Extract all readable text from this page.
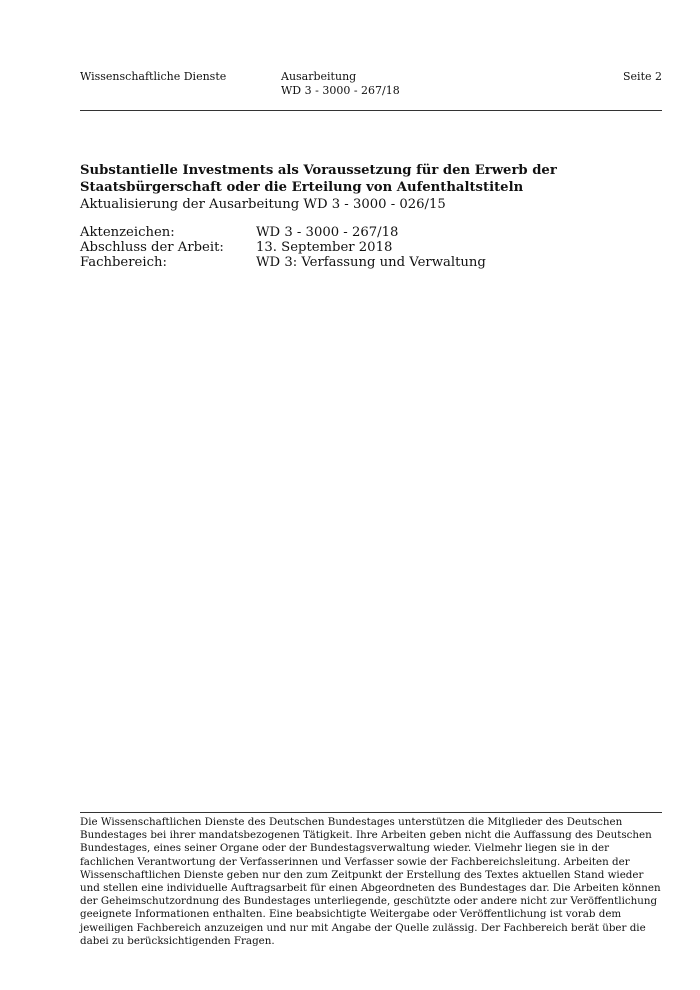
Wissenschaftliche Dienste	Ausarbeitung
WD 3 - 3000 - 267/18
Seite 2

Substantielle Investments als Voraussetzung für den Erwerb der Staatsbürgerschaft oder die Erteilung von Aufenthaltstiteln

Aktualisierung der Ausarbeitung WD 3 - 3000 - 026/15

Aktenzeichen:	WD 3 - 3000 - 267/18
Abschluss der Arbeit: 13. September 2018
Fachbereich:	WD 3: Verfassung und Verwaltung

Die Wissenschaftlichen Dienste des Deutschen Bundestages unterstützen die Mitglieder des Deutschen Bundestages bei ihrer mandatsbezogenen Tätigkeit. Ihre Arbeiten geben nicht die Auffassung des Deutschen Bundestages, eines seiner Organe oder der Bundestagsverwaltung wieder. Vielmehr liegen sie in der fachlichen Verantwortung der Verfasserinnen und Verfasser sowie der Fachbereichsleitung. Arbeiten der Wissenschaftlichen Dienste geben nur den zum Zeitpunkt der Erstellung des Textes aktuellen Stand wieder und stellen eine individuelle Auftragsarbeit für einen Abgeordneten des Bundestages dar. Die Arbeiten können der Geheimschutzordnung des Bundestages unterliegende, geschützte oder andere nicht zur Veröffentlichung geeignete Informationen enthalten. Eine beabsichtigte Weitergabe oder Veröffentlichung ist vorab dem jeweiligen Fachbereich anzuzeigen und nur mit Angabe der Quelle zulässig. Der Fachbereich berät über die dabei zu berücksichtigenden Fragen.
